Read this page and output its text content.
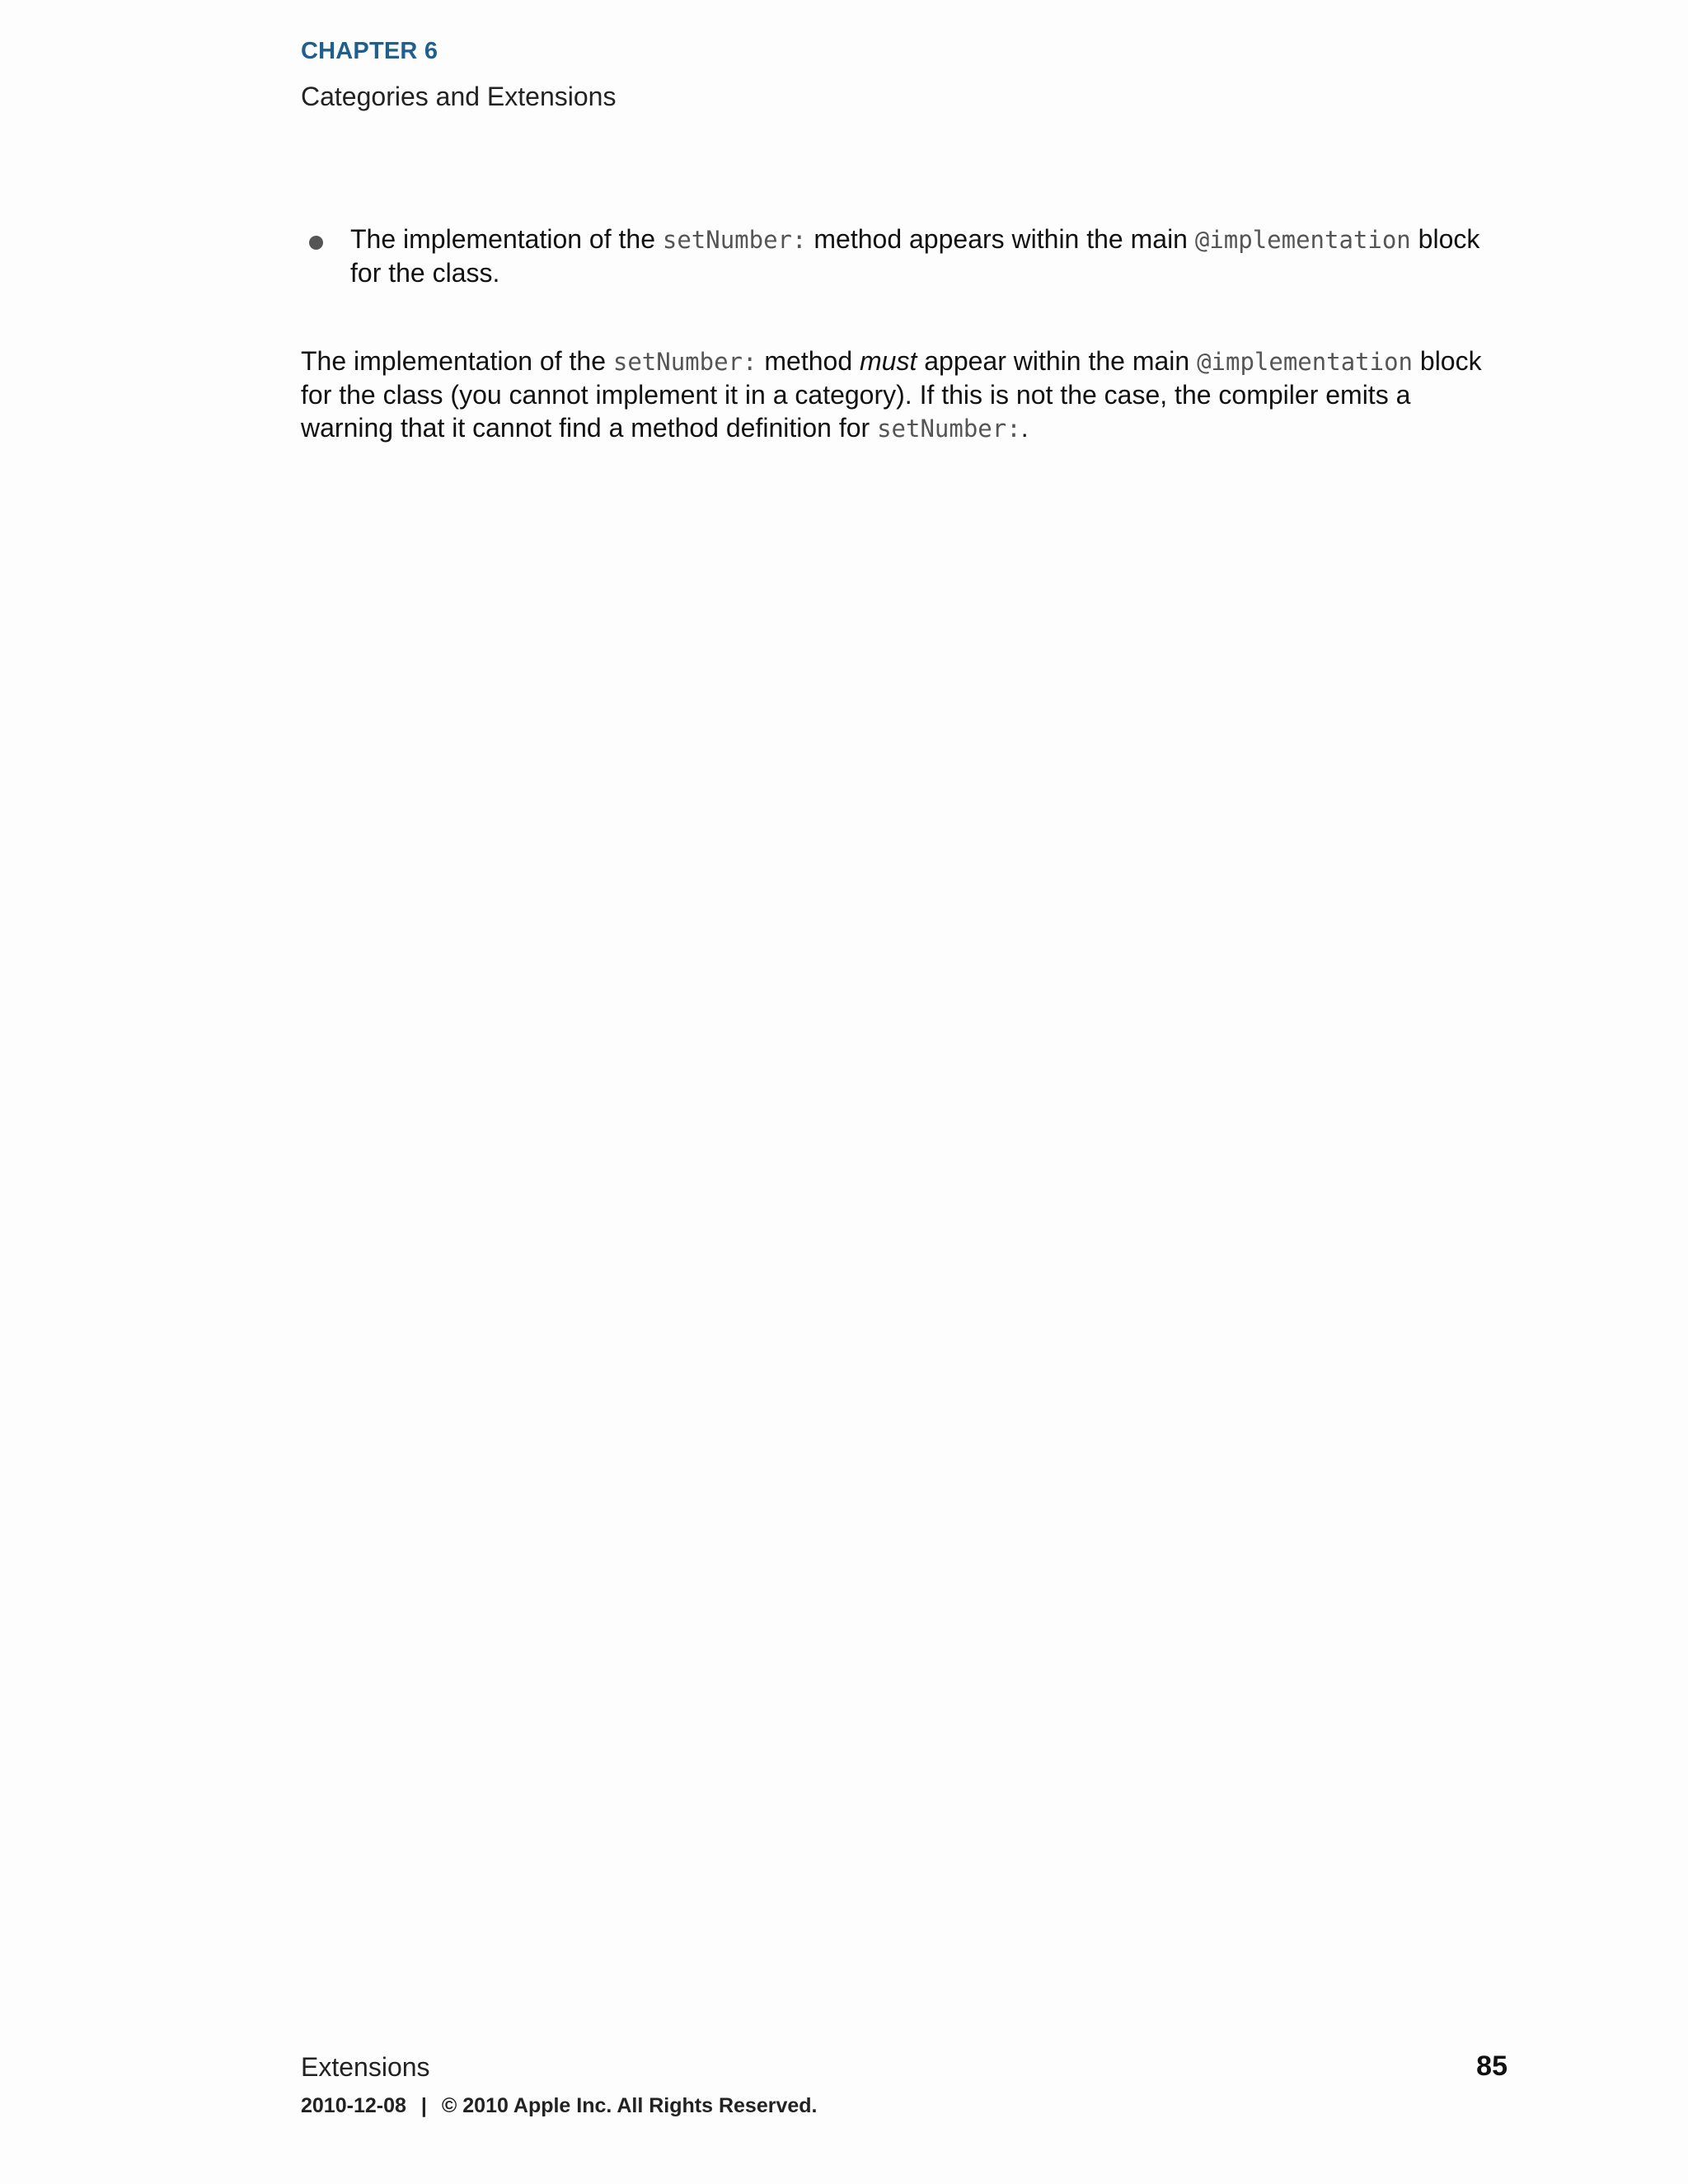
CHAPTER 6
Categories and Extensions
The implementation of the setNumber: method appears within the main @implementation block for the class.

The implementation of the setNumber: method must appear within the main @implementation block for the class (you cannot implement it in a category). If this is not the case, the compiler emits a warning that it cannot find a method definition for setNumber:.

Extensions	85
2010-12-08 | © 2010 Apple Inc. All Rights Reserved.
